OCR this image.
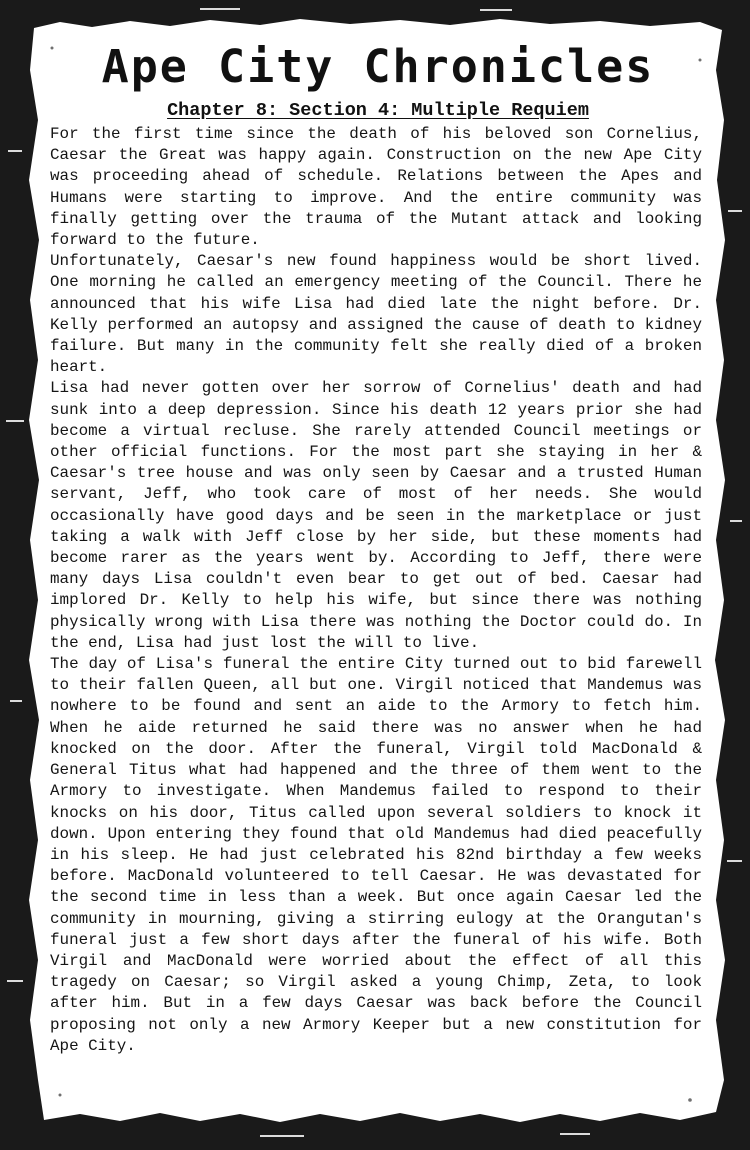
Ape City Chronicles
Chapter 8: Section 4: Multiple Requiem

For the first time since the death of his beloved son Cornelius, Caesar the Great was happy again. Construction on the new Ape City was proceeding ahead of schedule. Relations between the Apes and Humans were starting to improve. And the entire community was finally getting over the trauma of the Mutant attack and looking forward to the future.

Unfortunately, Caesar's new found happiness would be short lived. One morning he called an emergency meeting of the Council. There he announced that his wife Lisa had died late the night before. Dr. Kelly performed an autopsy and assigned the cause of death to kidney failure. But many in the community felt she really died of a broken heart.

Lisa had never gotten over her sorrow of Cornelius' death and had sunk into a deep depression. Since his death 12 years prior she had become a virtual recluse. She rarely attended Council meetings or other official functions. For the most part she staying in her & Caesar's tree house and was only seen by Caesar and a trusted Human servant, Jeff, who took care of most of her needs. She would occasionally have good days and be seen in the marketplace or just taking a walk with Jeff close by her side, but these moments had become rarer as the years went by. According to Jeff, there were many days Lisa couldn't even bear to get out of bed. Caesar had implored Dr. Kelly to help his wife, but since there was nothing physically wrong with Lisa there was nothing the Doctor could do. In the end, Lisa had just lost the will to live.

The day of Lisa's funeral the entire City turned out to bid farewell to their fallen Queen, all but one. Virgil noticed that Mandemus was nowhere to be found and sent an aide to the Armory to fetch him. When he aide returned he said there was no answer when he had knocked on the door. After the funeral, Virgil told MacDonald & General Titus what had happened and the three of them went to the Armory to investigate. When Mandemus failed to respond to their knocks on his door, Titus called upon several soldiers to knock it down. Upon entering they found that old Mandemus had died peacefully in his sleep. He had just celebrated his 82nd birthday a few weeks before. MacDonald volunteered to tell Caesar. He was devastated for the second time in less than a week. But once again Caesar led the community in mourning, giving a stirring eulogy at the Orangutan's funeral just a few short days after the funeral of his wife. Both Virgil and MacDonald were worried about the effect of all this tragedy on Caesar; so Virgil asked a young Chimp, Zeta, to look after him. But in a few days Caesar was back before the Council proposing not only a new Armory Keeper but a new constitution for Ape City.
